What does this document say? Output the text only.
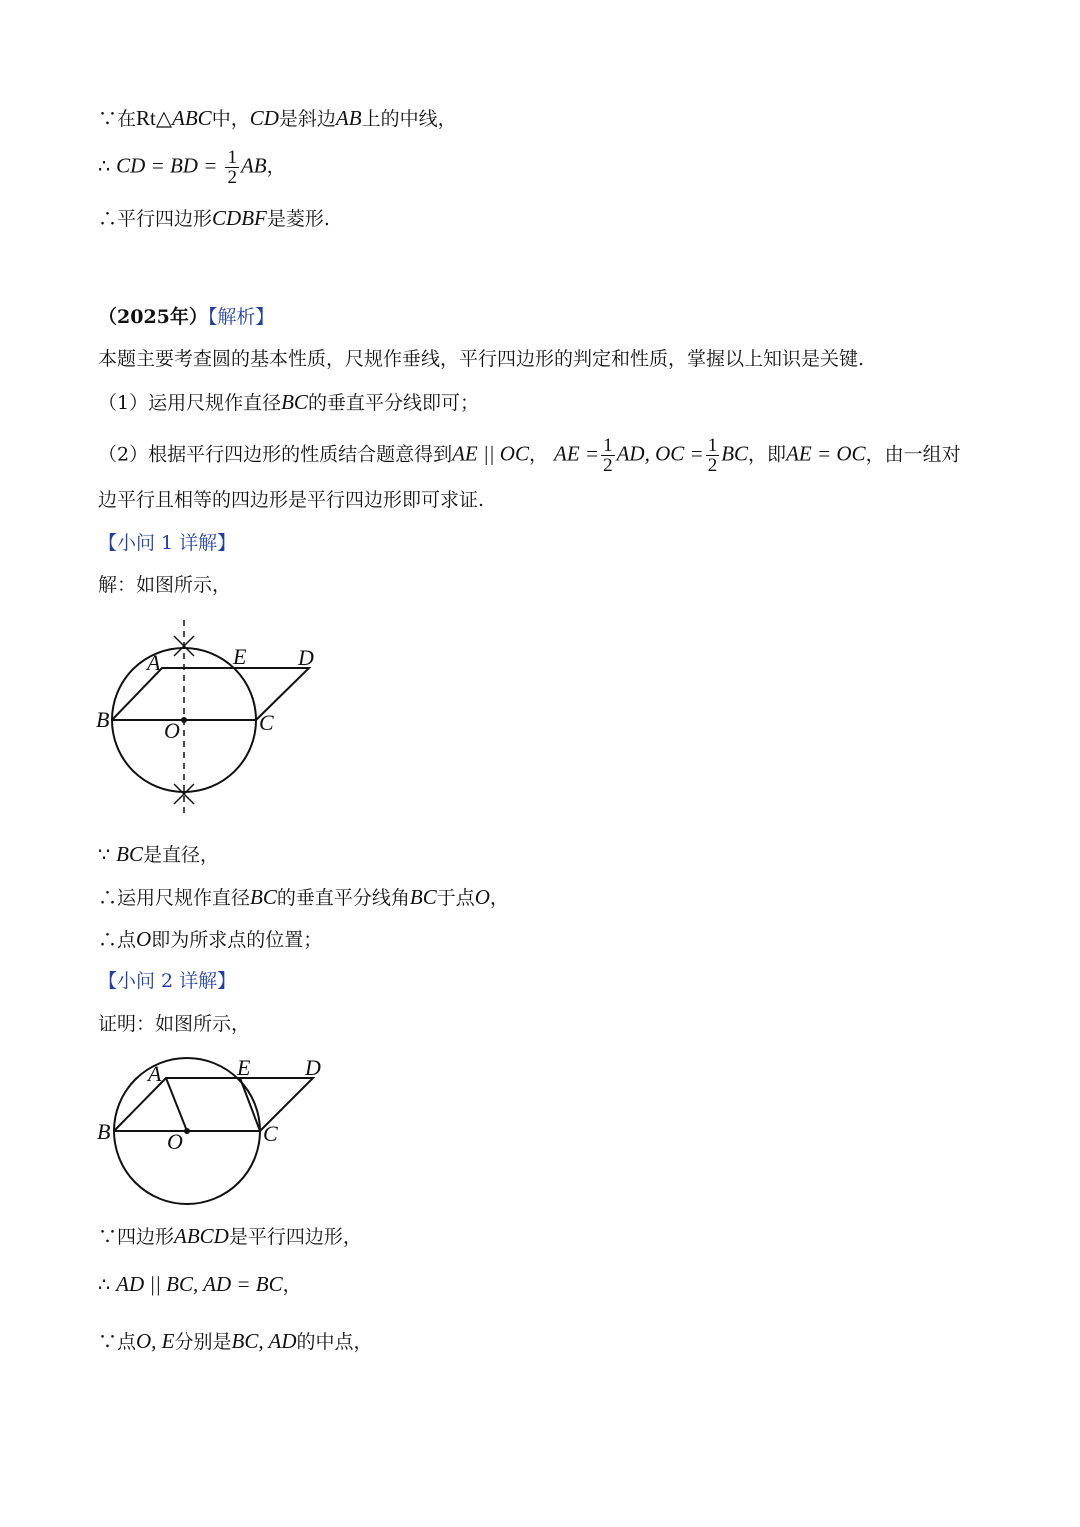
∵在Rt△ABC中，CD是斜边AB上的中线，
∴ CD = BD = $\frac{1}{2}$ AB，
∴平行四边形CDBF是菱形.
（2025年）【解析】
本题主要考查圆的基本性质，尺规作垂线，平行四边形的判定和性质，掌握以上知识是关键.
（1）运用尺规作直径BC的垂直平分线即可；
（2）根据平行四边形的性质结合题意得到AE || OC， AE = $\frac{1}{2}$ AD, OC = $\frac{1}{2}$ BC，即AE = OC，由一组对
边平行且相等的四边形是平行四边形即可求证.
【小问 1 详解】
解：如图所示，
A	E D
B O	C
∵ BC是直径，
∴运用尺规作直径BC的垂直平分线角BC于点O，
∴点O即为所求点的位置；
【小问 2 详解】
证明：如图所示，
A	E D
B	O	C
∵四边形ABCD是平行四边形，
∴ AD || BC, AD = BC，
∵点O, E分别是BC, AD的中点，
